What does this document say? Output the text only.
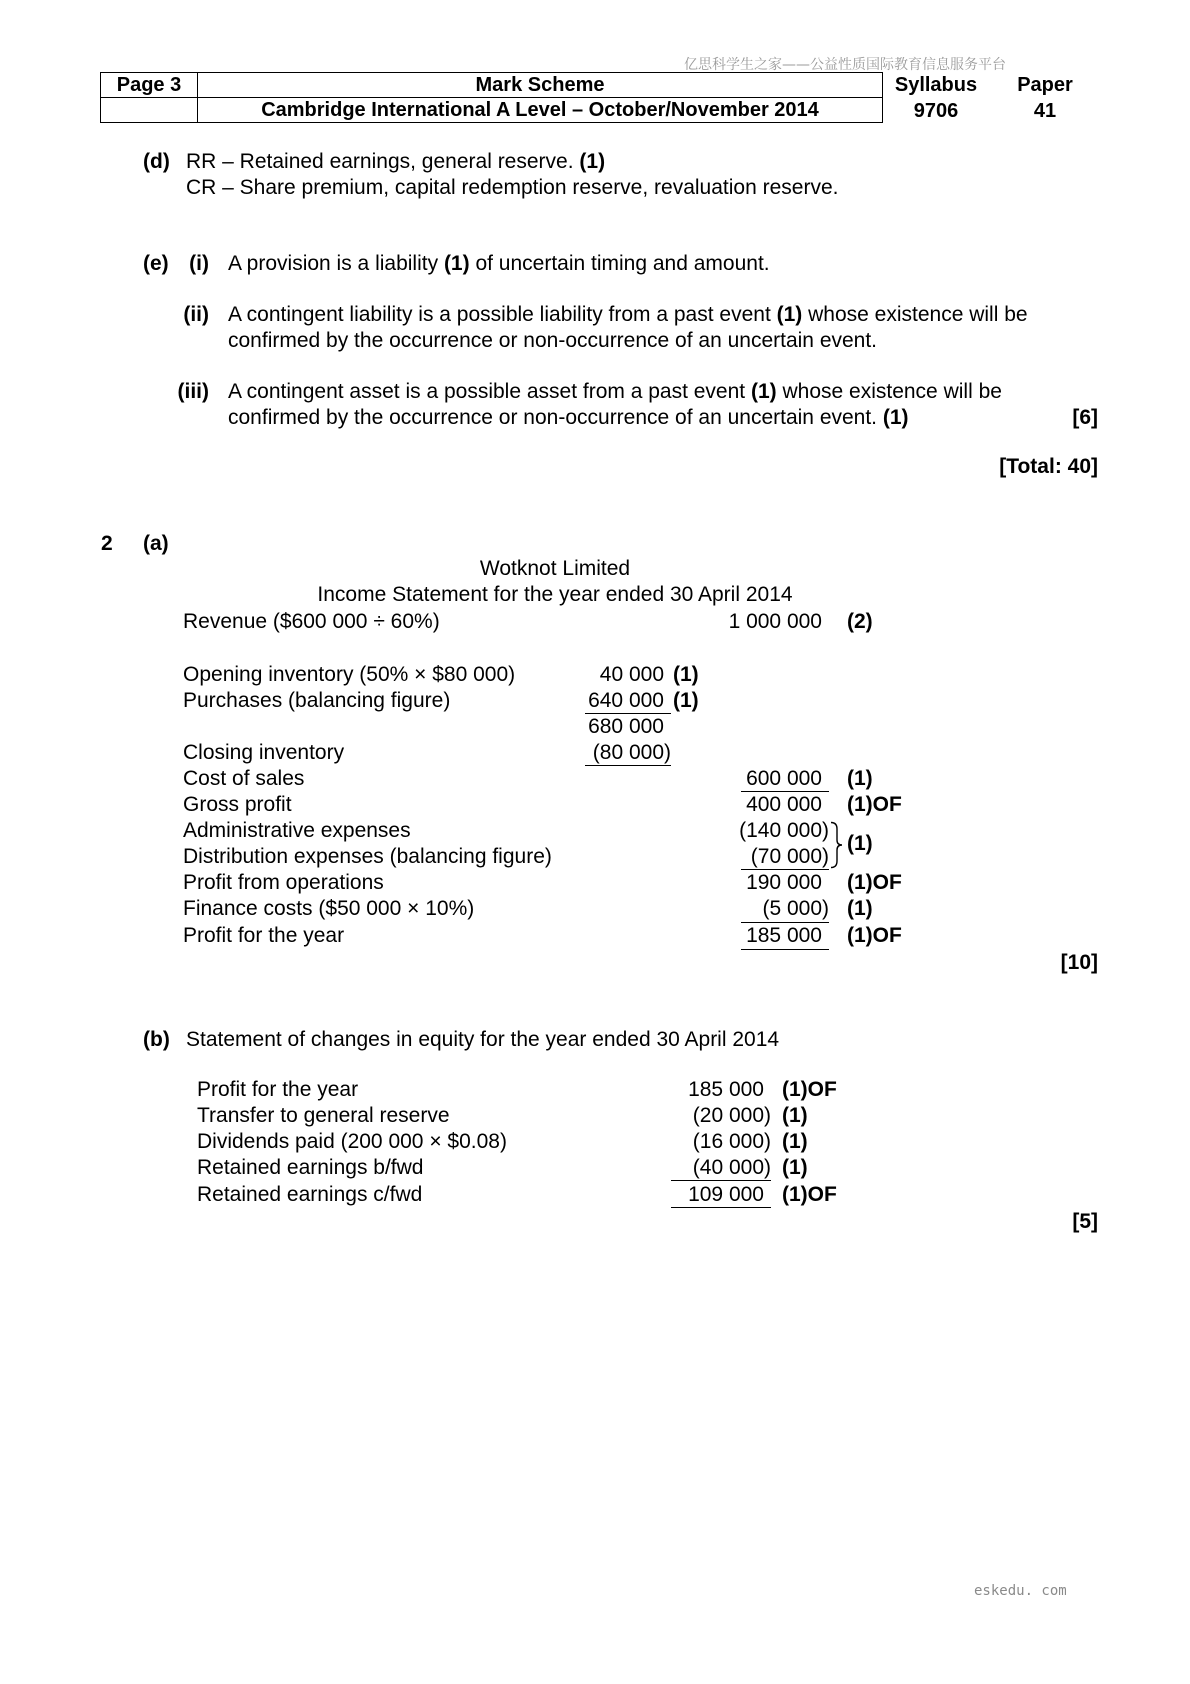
亿思科学生之家——公益性质国际教育信息服务平台
Page 3	Mark Scheme
	Cambridge International A Level – October/November 2014
Syllabus
9706
Paper
41
(d) RR – Retained earnings, general reserve. (1)
CR – Share premium, capital redemption reserve, revaluation reserve.
(e) (i) A provision is a liability (1) of uncertain timing and amount.
(ii) A contingent liability is a possible liability from a past event (1) whose existence will be
confirmed by the occurrence or non-occurrence of an uncertain event.
(iii) A contingent asset is a possible asset from a past event (1) whose existence will be
confirmed by the occurrence or non-occurrence of an uncertain event. (1)	[6]
[Total: 40]
2 (a)
Wotknot Limited
Income Statement for the year ended 30 April 2014
Revenue ($600 000 ÷ 60%)	1 000 000	(2)
Opening inventory (50% × $80 000)	40 000 (1)
Purchases (balancing figure)	640 000 (1)
680 000
Closing inventory	(80 000)
Cost of sales	600 000	(1)
Gross profit	400 000	(1)OF
Administrative expenses	(140 000)
Distribution expenses (balancing figure)	(70 000)
(1)
Profit from operations	190 000	(1)OF
Finance costs ($50 000 × 10%)	(5 000) (1)
Profit for the year	185 000	(1)OF
[10]
(b) Statement of changes in equity for the year ended 30 April 2014
Profit for the year	185 000 (1)OF
Transfer to general reserve	(20 000) (1)
Dividends paid (200 000 × $0.08)	(16 000) (1)
Retained earnings b/fwd	(40 000) (1)
Retained earnings c/fwd	109 000 (1)OF
[5]
eskedu. com
